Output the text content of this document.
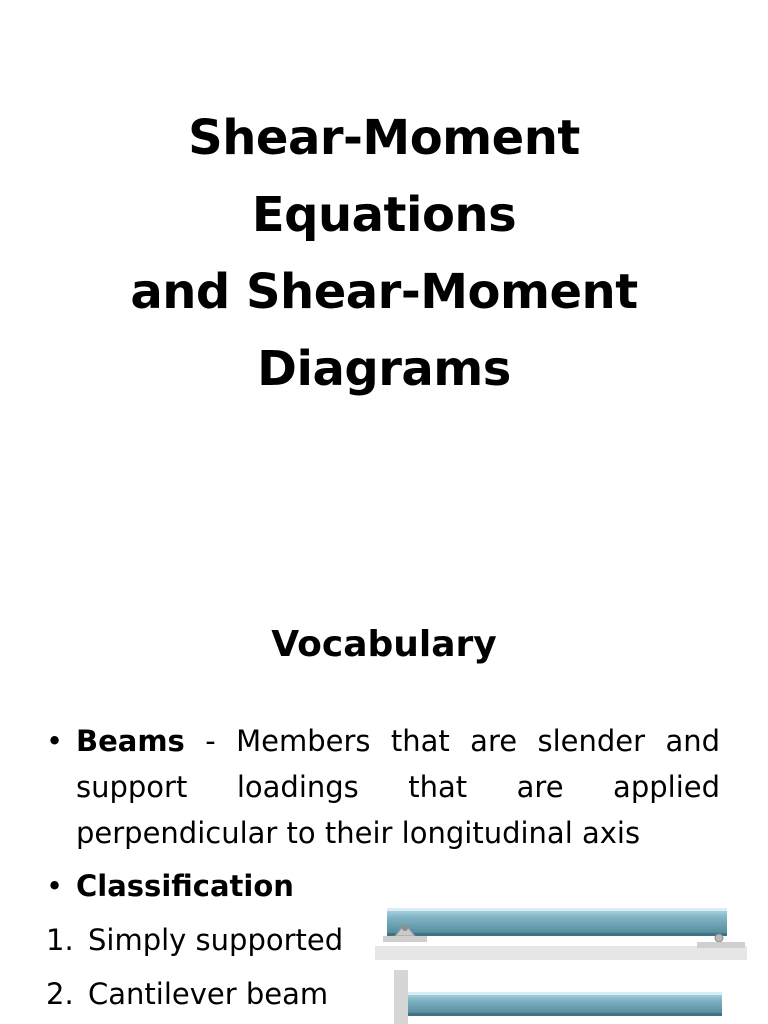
Shear-Moment
Equations
and Shear-Moment
Diagrams
Vocabulary
• Beams - Members that are slender and support loadings that are applied perpendicular to their longitudinal axis
• Classification
1. Simply supported
2. Cantilever beam
